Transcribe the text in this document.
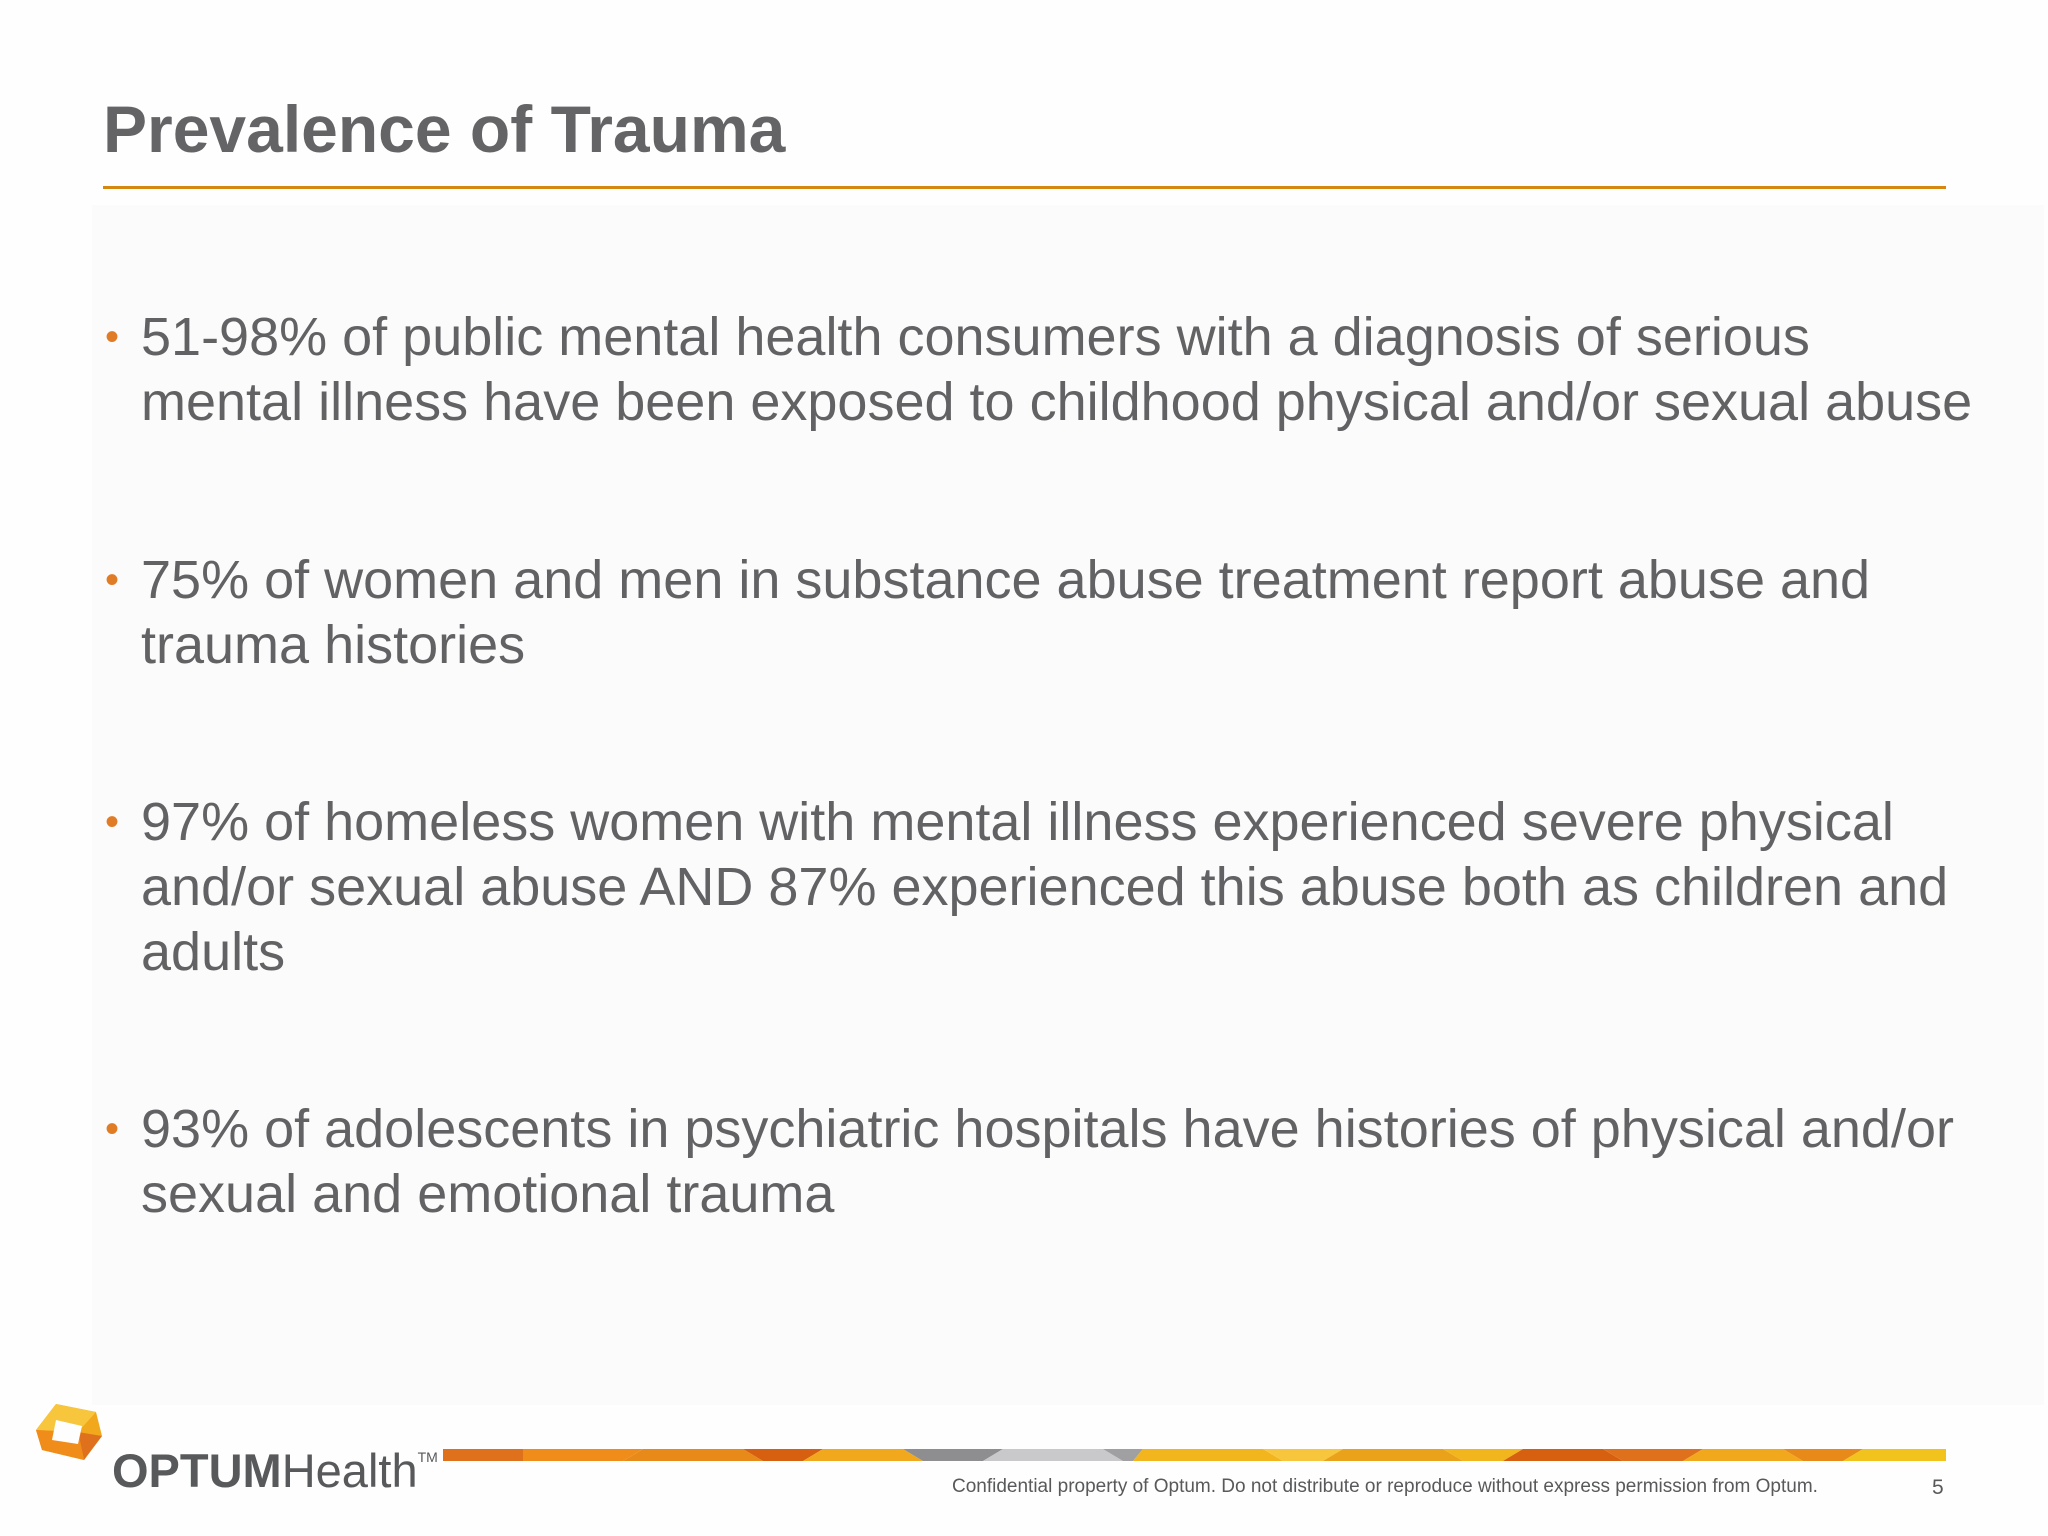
Prevalence of Trauma
• 51-98% of public mental health consumers with a diagnosis of serious mental illness have been exposed to childhood physical and/or sexual abuse
• 75% of women and men in substance abuse treatment report abuse and trauma histories
• 97% of homeless women with mental illness experienced severe physical and/or sexual abuse AND 87% experienced this abuse both as children and adults
• 93% of adolescents in psychiatric hospitals have histories of physical and/or sexual and emotional trauma
OPTUMHealth™
Confidential property of Optum. Do not distribute or reproduce without express permission from Optum.	5
